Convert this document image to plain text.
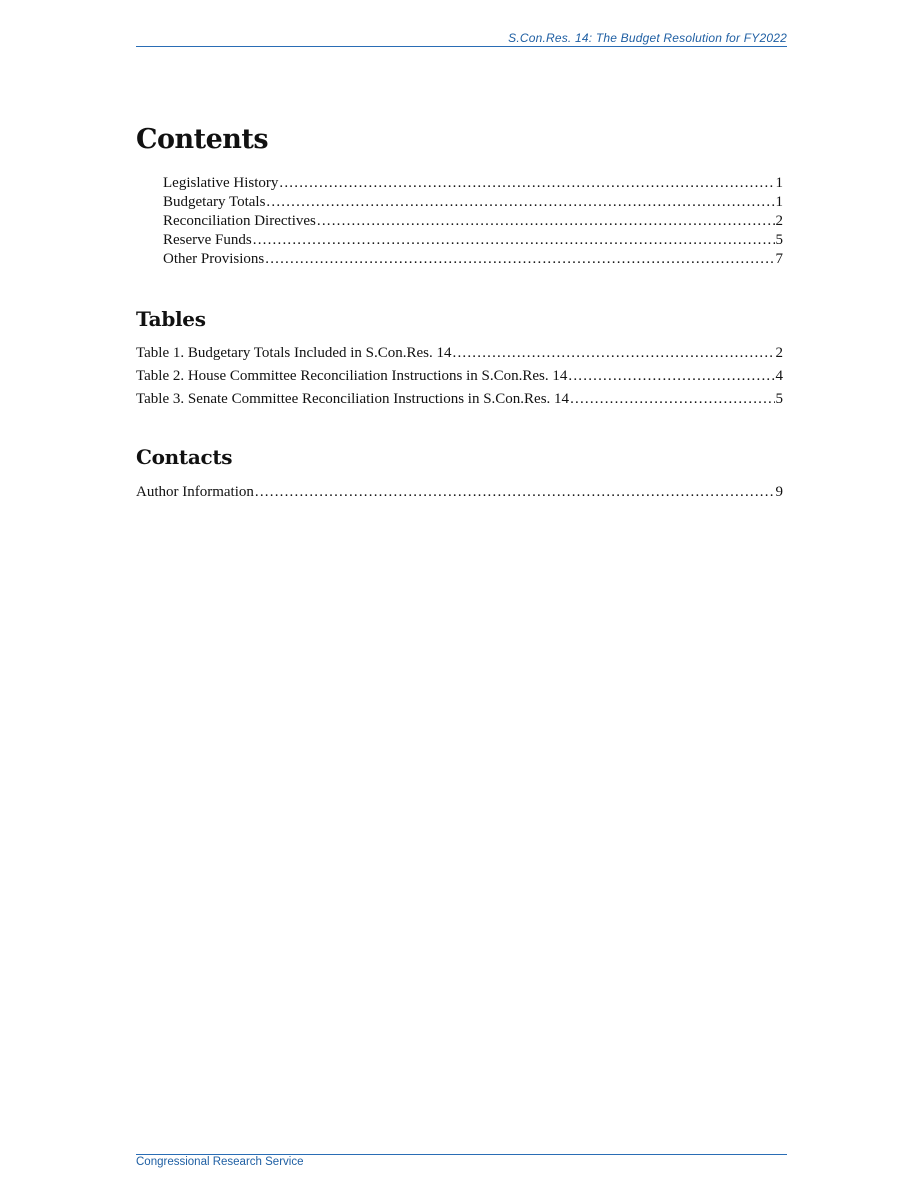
S.Con.Res. 14: The Budget Resolution for FY2022
Contents
Legislative History .....	1
Budgetary Totals .....	1
Reconciliation Directives .....	2
Reserve Funds .....	5
Other Provisions .....	7
Tables
Table 1. Budgetary Totals Included in S.Con.Res. 14 .....	2
Table 2. House Committee Reconciliation Instructions in S.Con.Res. 14 .....	4
Table 3. Senate Committee Reconciliation Instructions in S.Con.Res. 14 .....	5
Contacts
Author Information .....	9
Congressional Research Service
